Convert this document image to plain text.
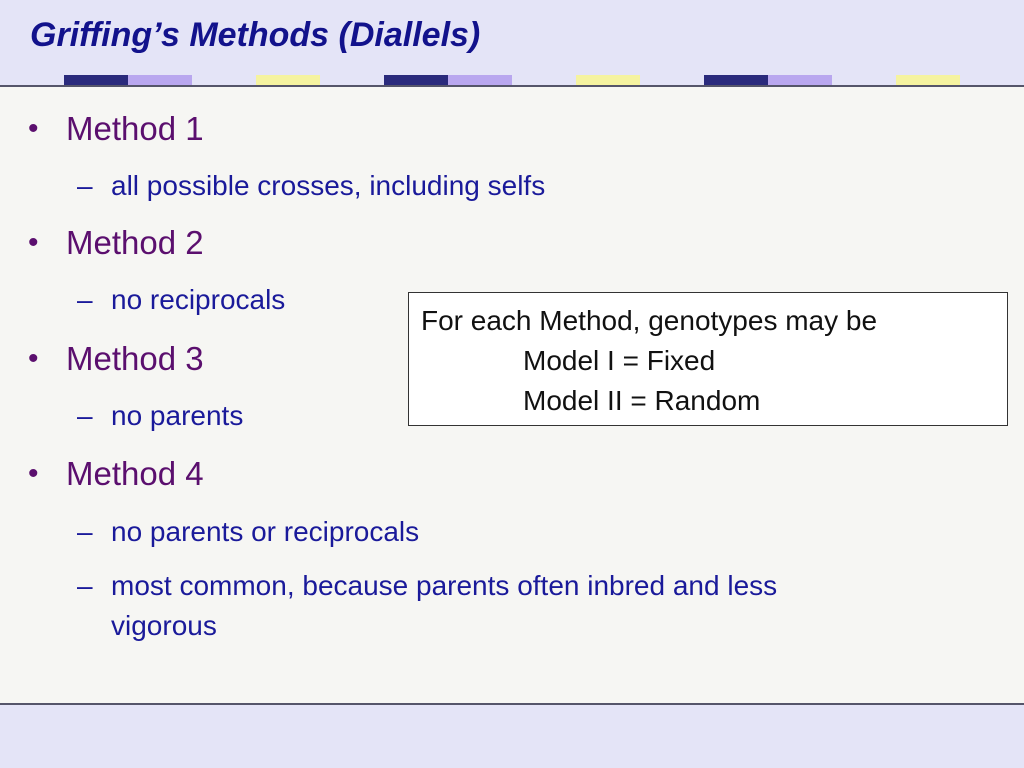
Griffing’s Methods (Diallels)
• Method 1
– all possible crosses, including selfs
• Method 2
– no reciprocals
• Method 3
– no parents
• Method 4
– no parents or reciprocals
– most common, because parents often inbred and less
vigorous
For each Method, genotypes may be
Model I = Fixed
Model II = Random
